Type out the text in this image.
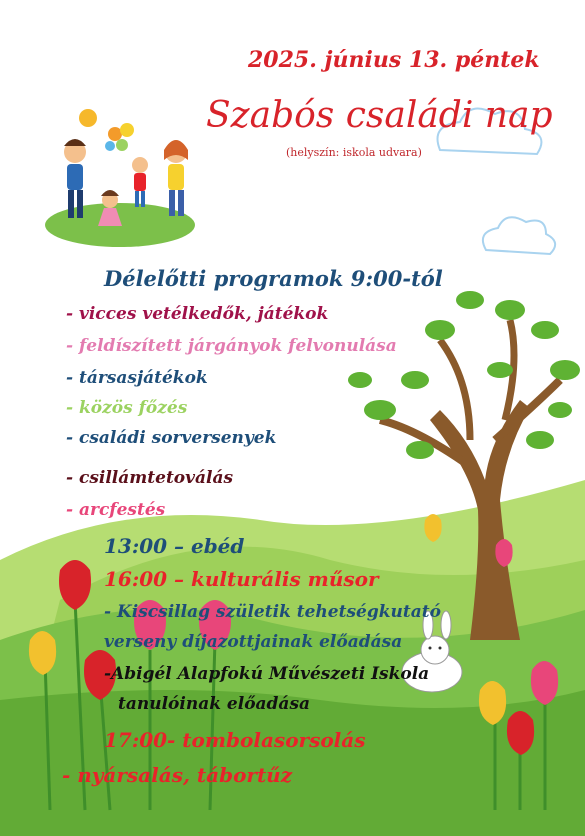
2025. június 13. péntek
Szabós családi nap
(helyszín: iskola udvara)
Délelőtti programok 9:00-tól
- vicces vetélkedők, játékok
- feldíszített járgányok felvonulása
- társasjátékok
- közös főzés
- családi sorversenyek
- csillámtetoválás
- arcfestés
13:00 – ebéd
16:00 – kulturális műsor
- Kiscsillag születik tehetségkutató
verseny díjazottjainak előadása
-Abigél Alapfokú Művészeti Iskola
tanulóinak előadása
17:00- tombolasorsolás
- nyársalás, tábortűz
